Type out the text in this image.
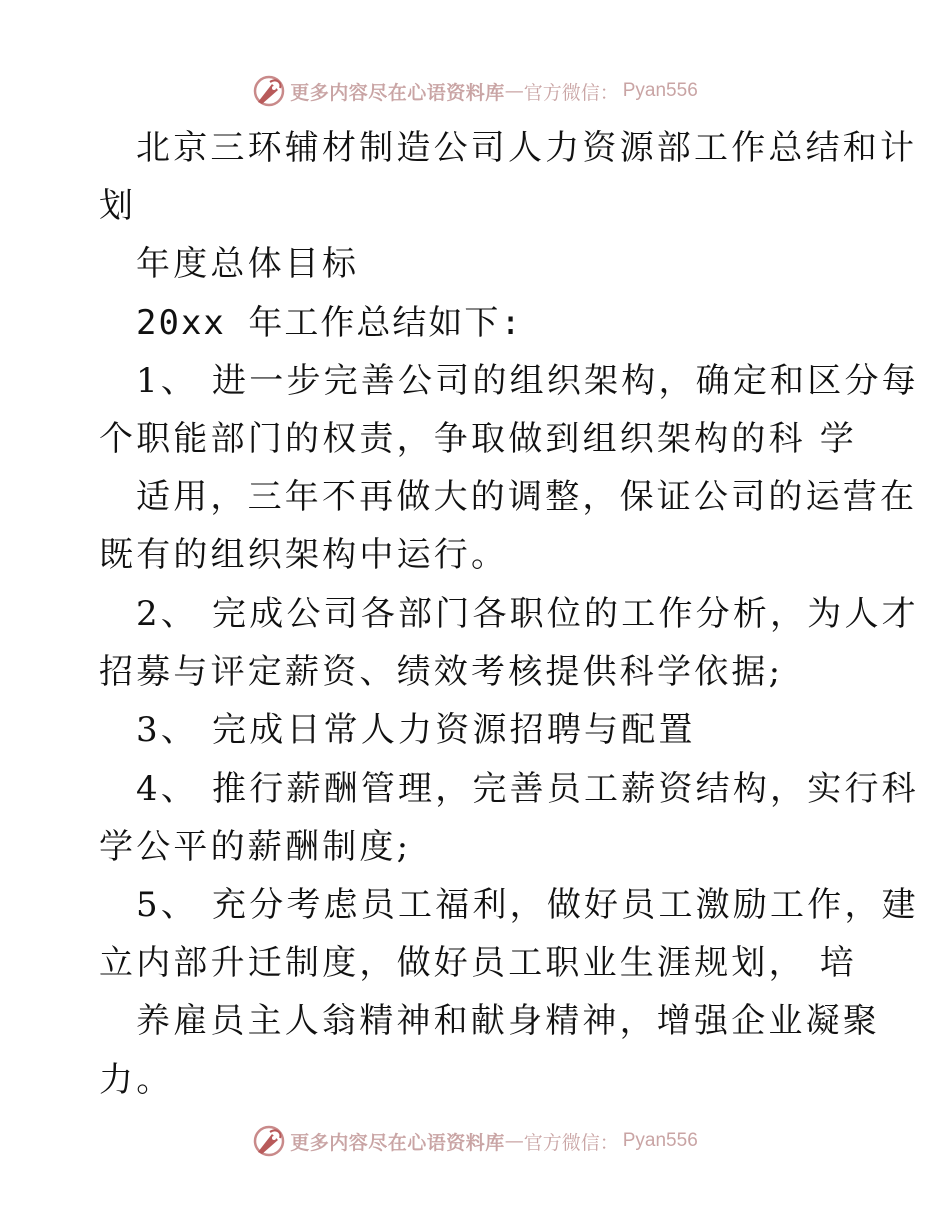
更多内容尽在心语资料库 — 官方微信： Pyan556
北京三环辅材制造公司人力资源部工作总结和计
划
年度总体目标
20xx 年工作总结如下:
1、 进一步完善公司的组织架构，确定和区分每
个职能部门的权责，争取做到组织架构的科 学
适用，三年不再做大的调整，保证公司的运营在
既有的组织架构中运行。
2、 完成公司各部门各职位的工作分析，为人才
招募与评定薪资、绩效考核提供科学依据;
3、 完成日常人力资源招聘与配置
4、 推行薪酬管理，完善员工薪资结构，实行科
学公平的薪酬制度;
5、 充分考虑员工福利，做好员工激励工作，建
立内部升迁制度，做好员工职业生涯规划， 培
养雇员主人翁精神和献身精神，增强企业凝聚
力。
更多内容尽在心语资料库 — 官方微信： Pyan556
